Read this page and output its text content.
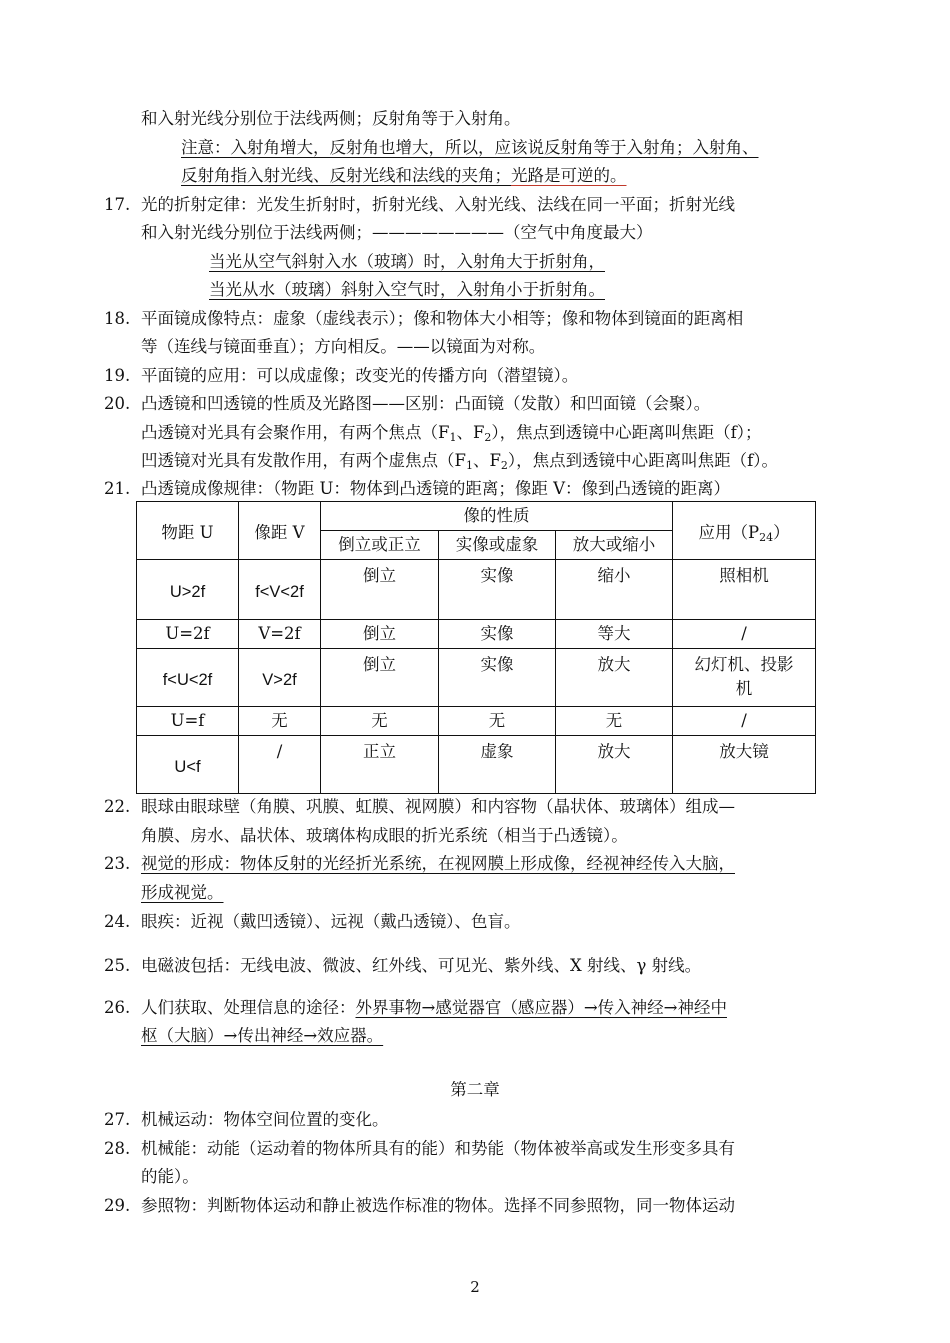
和入射光线分别位于法线两侧；反射角等于入射角。
注意：入射角增大，反射角也增大，所以，应该说反射角等于入射角；入射角、
反射角指入射光线、反射光线和法线的夹角；光路是可逆的。
17. 光的折射定律：光发生折射时，折射光线、入射光线、法线在同一平面；折射光线
和入射光线分别位于法线两侧；————————（空气中角度最大）
当光从空气斜射入水（玻璃）时，入射角大于折射角，
当光从水（玻璃）斜射入空气时，入射角小于折射角。
18. 平面镜成像特点：虚象（虚线表示）；像和物体大小相等；像和物体到镜面的距离相
等（连线与镜面垂直）；方向相反。——以镜面为对称。
19. 平面镜的应用：可以成虚像；改变光的传播方向（潜望镜）。
20. 凸透镜和凹透镜的性质及光路图——区别：凸面镜（发散）和凹面镜（会聚）。
凸透镜对光具有会聚作用，有两个焦点（$F_1$、$F_2$），焦点到透镜中心距离叫焦距（f）；
凹透镜对光具有发散作用，有两个虚焦点（$F_1$、$F_2$），焦点到透镜中心距离叫焦距（f）。
21. 凸透镜成像规律：（物距 U：物体到凸透镜的距离；像距 V：像到凸透镜的距离）
物距 U	像距 V	像的性质			应用$(P_{24})$
		倒立或正立	实像或虚象	放大或缩小	
U>2f	f<V<2f	倒立	实像	缩小	照相机
U=2f	V=2f	倒立	实像	等大	/
f<U<2f	V>2f	倒立	实像	放大	幻灯机、投影机
U=f	无	无	无	无	/
U<f	/	正立	虚象	放大	放大镜
22. 眼球由眼球壁（角膜、巩膜、虹膜、视网膜）和内容物（晶状体、玻璃体）组成—
角膜、房水、晶状体、玻璃体构成眼的折光系统（相当于凸透镜）。
23. 视觉的形成：物体反射的光经折光系统，在视网膜上形成像，经视神经传入大脑，
形成视觉。
24. 眼疾：近视（戴凹透镜）、远视（戴凸透镜）、色盲。
25. 电磁波包括：无线电波、微波、红外线、可见光、紫外线、X 射线、γ 射线。
26. 人们获取、处理信息的途径：外界事物→感觉器官（感应器）→传入神经→神经中
枢（大脑）→传出神经→效应器。
第二章
27. 机械运动：物体空间位置的变化。
28. 机械能：动能（运动着的物体所具有的能）和势能（物体被举高或发生形变多具有
的能）。
29. 参照物：判断物体运动和静止被选作标准的物体。选择不同参照物，同一物体运动
2
